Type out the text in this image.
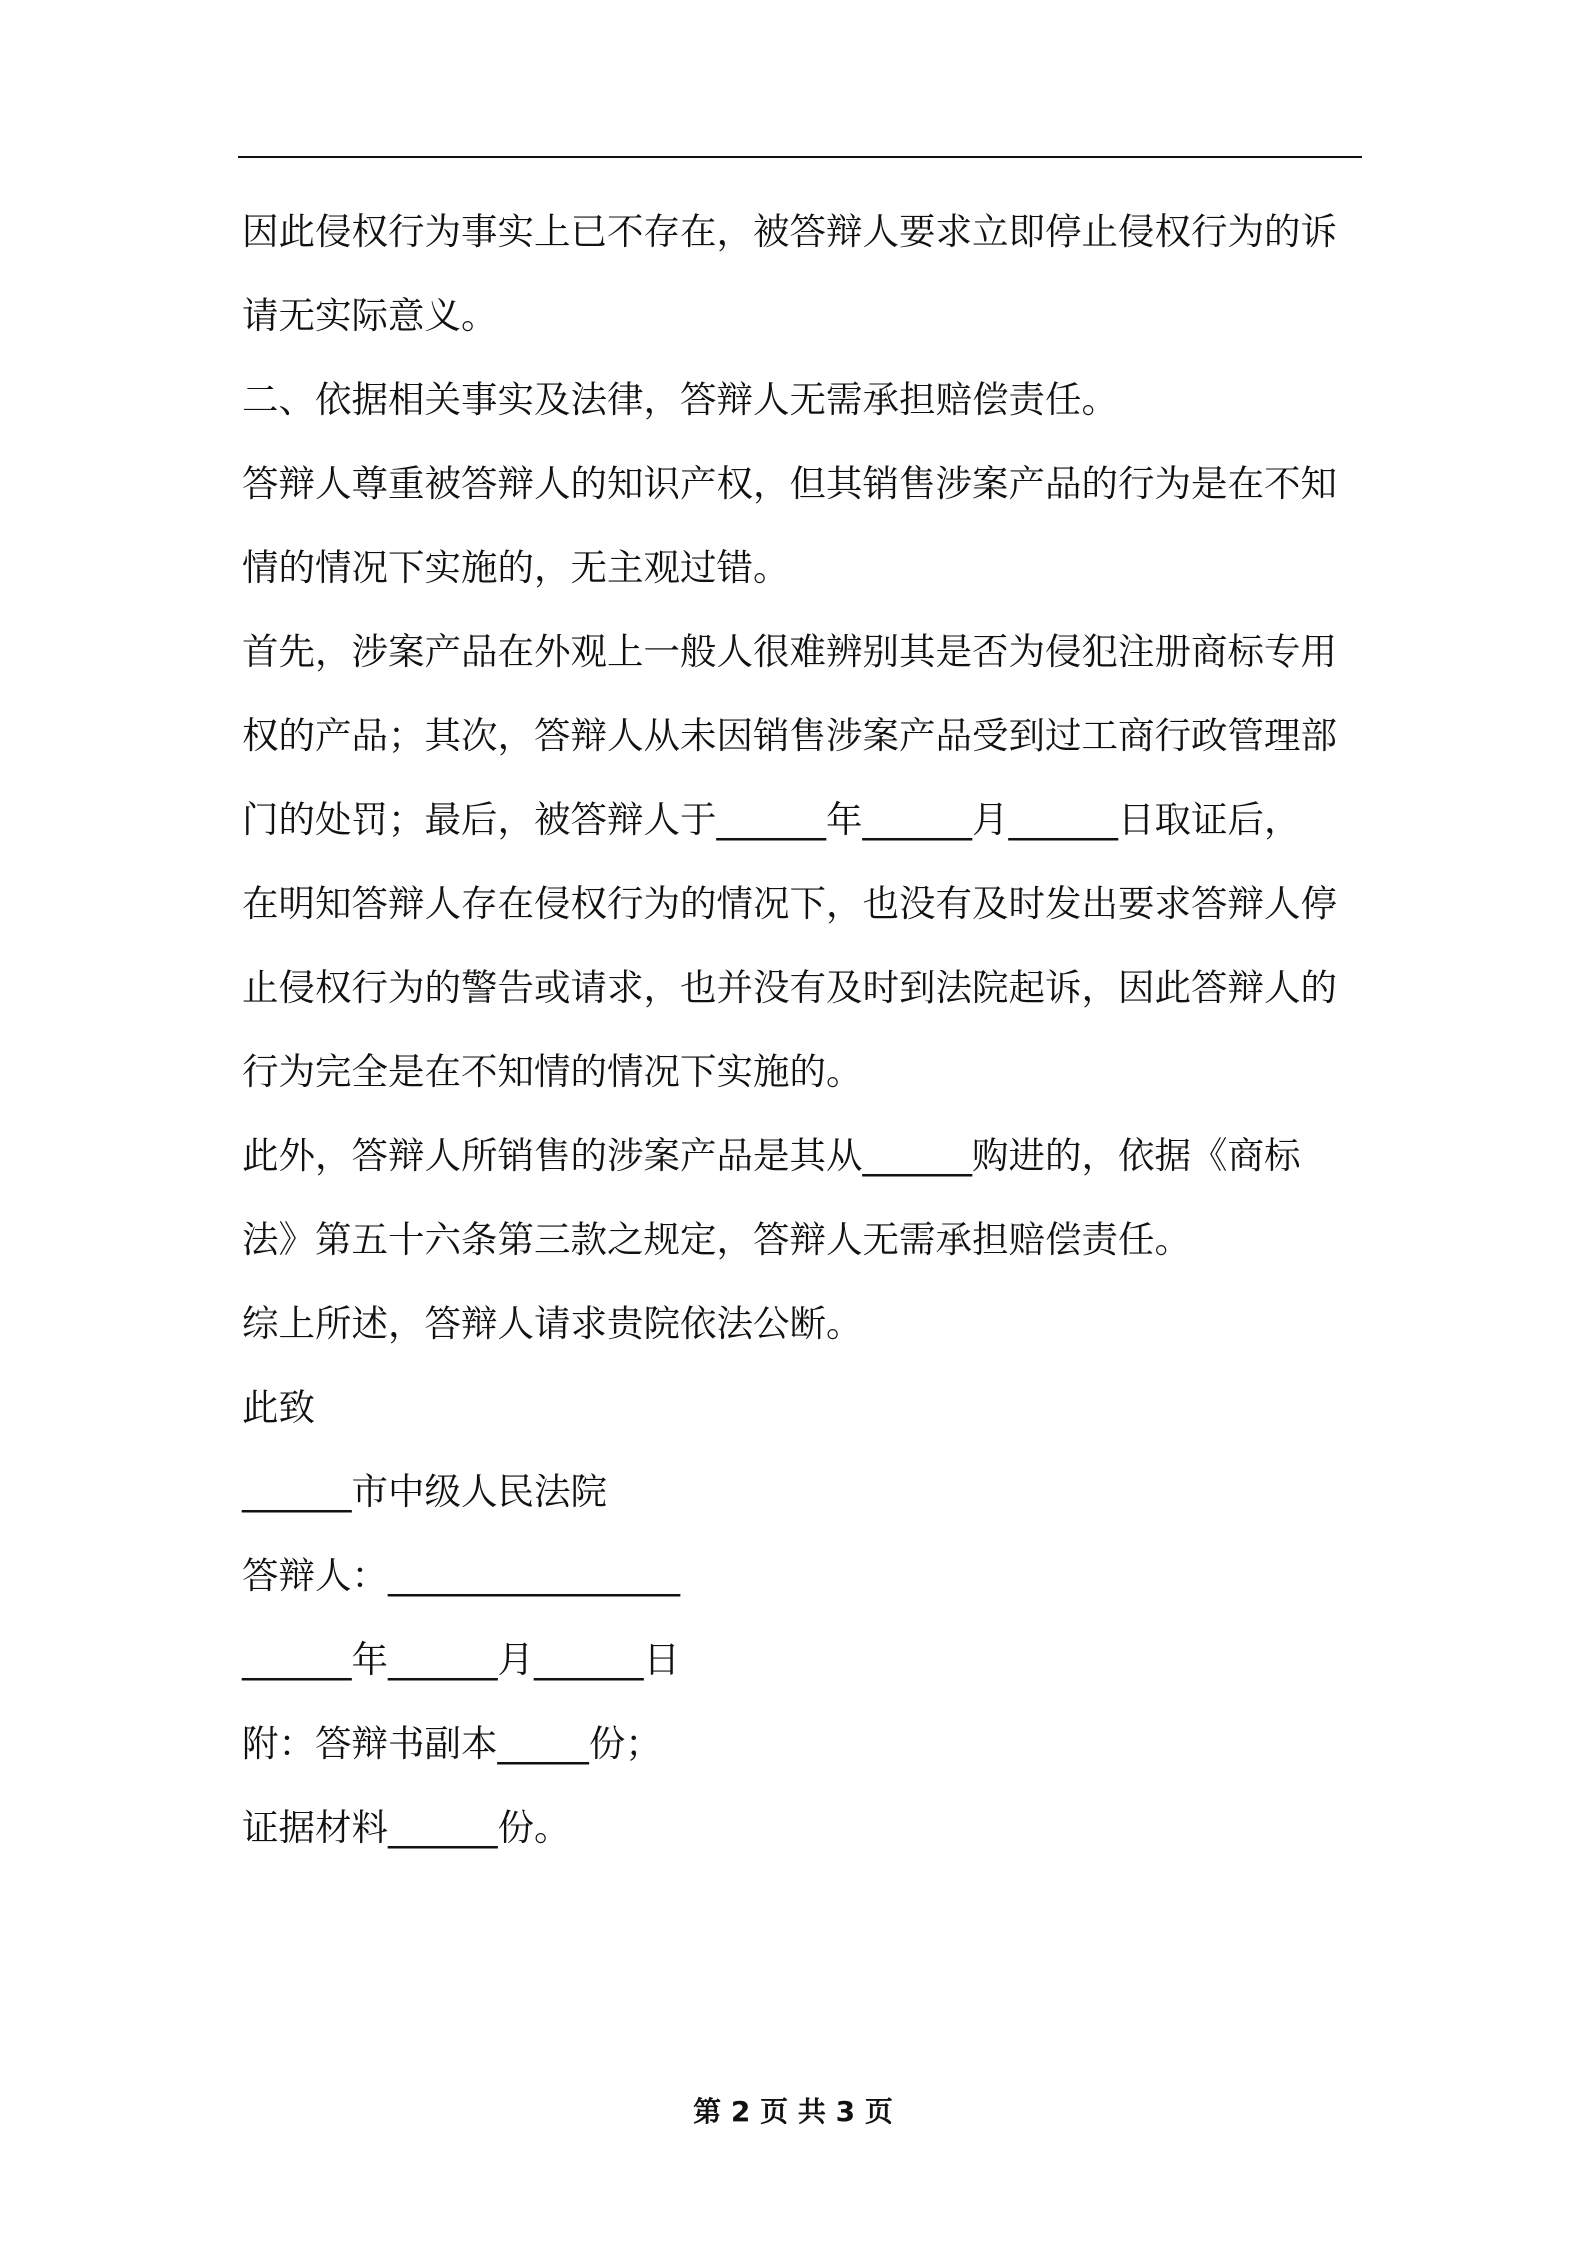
因此侵权行为事实上已不存在，被答辩人要求立即停止侵权行为的诉
请无实际意义。
二、依据相关事实及法律，答辩人无需承担赔偿责任。
答辩人尊重被答辩人的知识产权，但其销售涉案产品的行为是在不知
情的情况下实施的，无主观过错。
首先，涉案产品在外观上一般人很难辨别其是否为侵犯注册商标专用
权的产品；其次，答辩人从未因销售涉案产品受到过工商行政管理部
门的处罚；最后，被答辩人于______年______月______日取证后，
在明知答辩人存在侵权行为的情况下，也没有及时发出要求答辩人停
止侵权行为的警告或请求，也并没有及时到法院起诉，因此答辩人的
行为完全是在不知情的情况下实施的。
此外，答辩人所销售的涉案产品是其从______购进的，依据《商标
法》第五十六条第三款之规定，答辩人无需承担赔偿责任。
综上所述，答辩人请求贵院依法公断。
此致
______市中级人民法院
答辩人：________________
______年______月______日
附：答辩书副本_____份；
证据材料______份。
第 2 页 共 3 页
